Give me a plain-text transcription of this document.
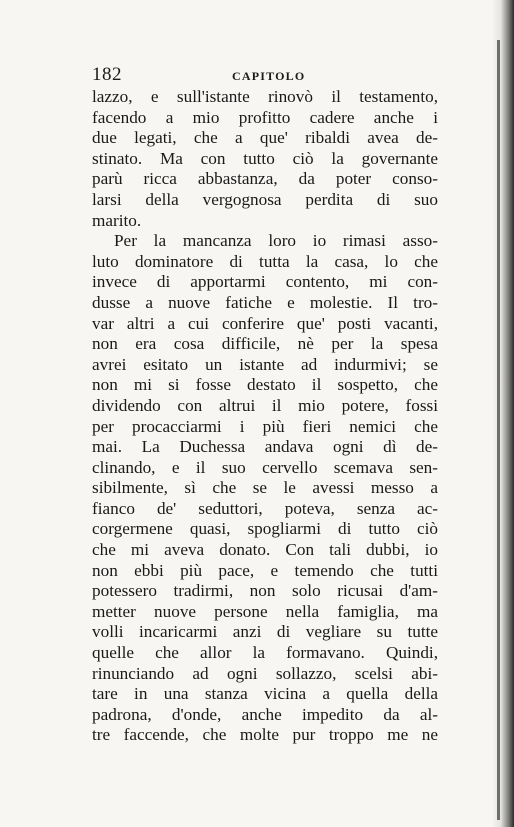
182	CAPITOLO
lazzo, e sull'istante rinovò il testamento,
facendo a mio profitto cadere anche i
due legati, che a que' ribaldi avea de-
stinato. Ma con tutto ciò la governante
parù ricca abbastanza, da poter conso-
larsi della vergognosa perdita di suo
marito.
Per la mancanza loro io rimasi asso-
luto dominatore di tutta la casa, lo che
invece di apportarmi contento, mi con-
dusse a nuove fatiche e molestie. Il tro-
var altri a cui conferire que' posti vacanti,
non era cosa difficile, nè per la spesa
avrei esitato un istante ad indurmivi; se
non mi si fosse destato il sospetto, che
dividendo con altrui il mio potere, fossi
per procacciarmi i più fieri nemici che
mai. La Duchessa andava ogni dì de-
clinando, e il suo cervello scemava sen-
sibilmente, sì che se le avessi messo a
fianco de' seduttori, poteva, senza ac-
corgermene quasi, spogliarmi di tutto ciò
che mi aveva donato. Con tali dubbi, io
non ebbi più pace, e temendo che tutti
potessero tradirmi, non solo ricusai d'am-
metter nuove persone nella famiglia, ma
volli incaricarmi anzi di vegliare su tutte
quelle che allor la formavano. Quindi,
rinunciando ad ogni sollazzo, scelsi abi-
tare in una stanza vicina a quella della
padrona, d'onde, anche impedito da al-
tre faccende, che molte pur troppo me ne
